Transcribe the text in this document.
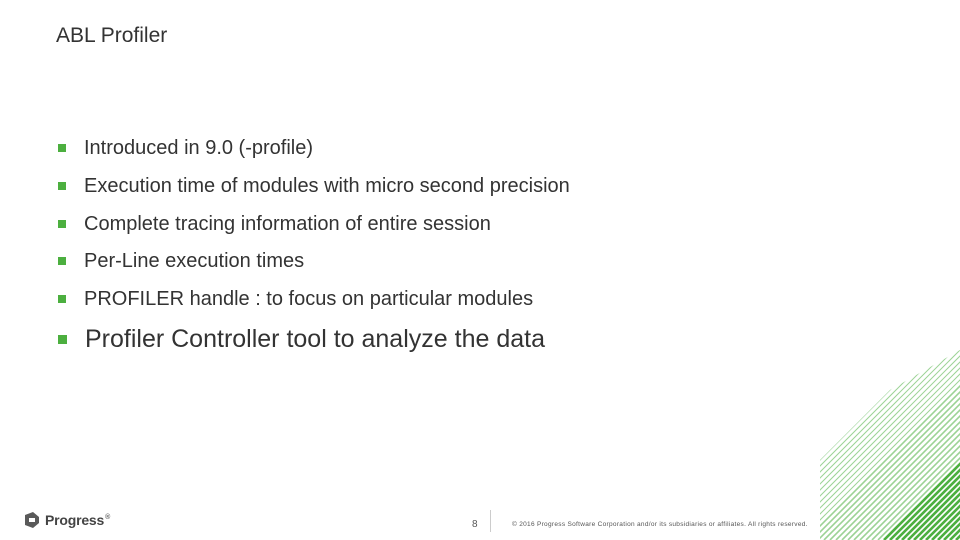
ABL Profiler
Introduced in 9.0 (-profile)
Execution time of modules with micro second precision
Complete tracing information of entire session
Per-Line execution times
PROFILER handle : to focus on particular modules
Profiler Controller tool to analyze the data
Progress®
8	© 2016 Progress Software Corporation and/or its subsidiaries or affiliates. All rights reserved.
